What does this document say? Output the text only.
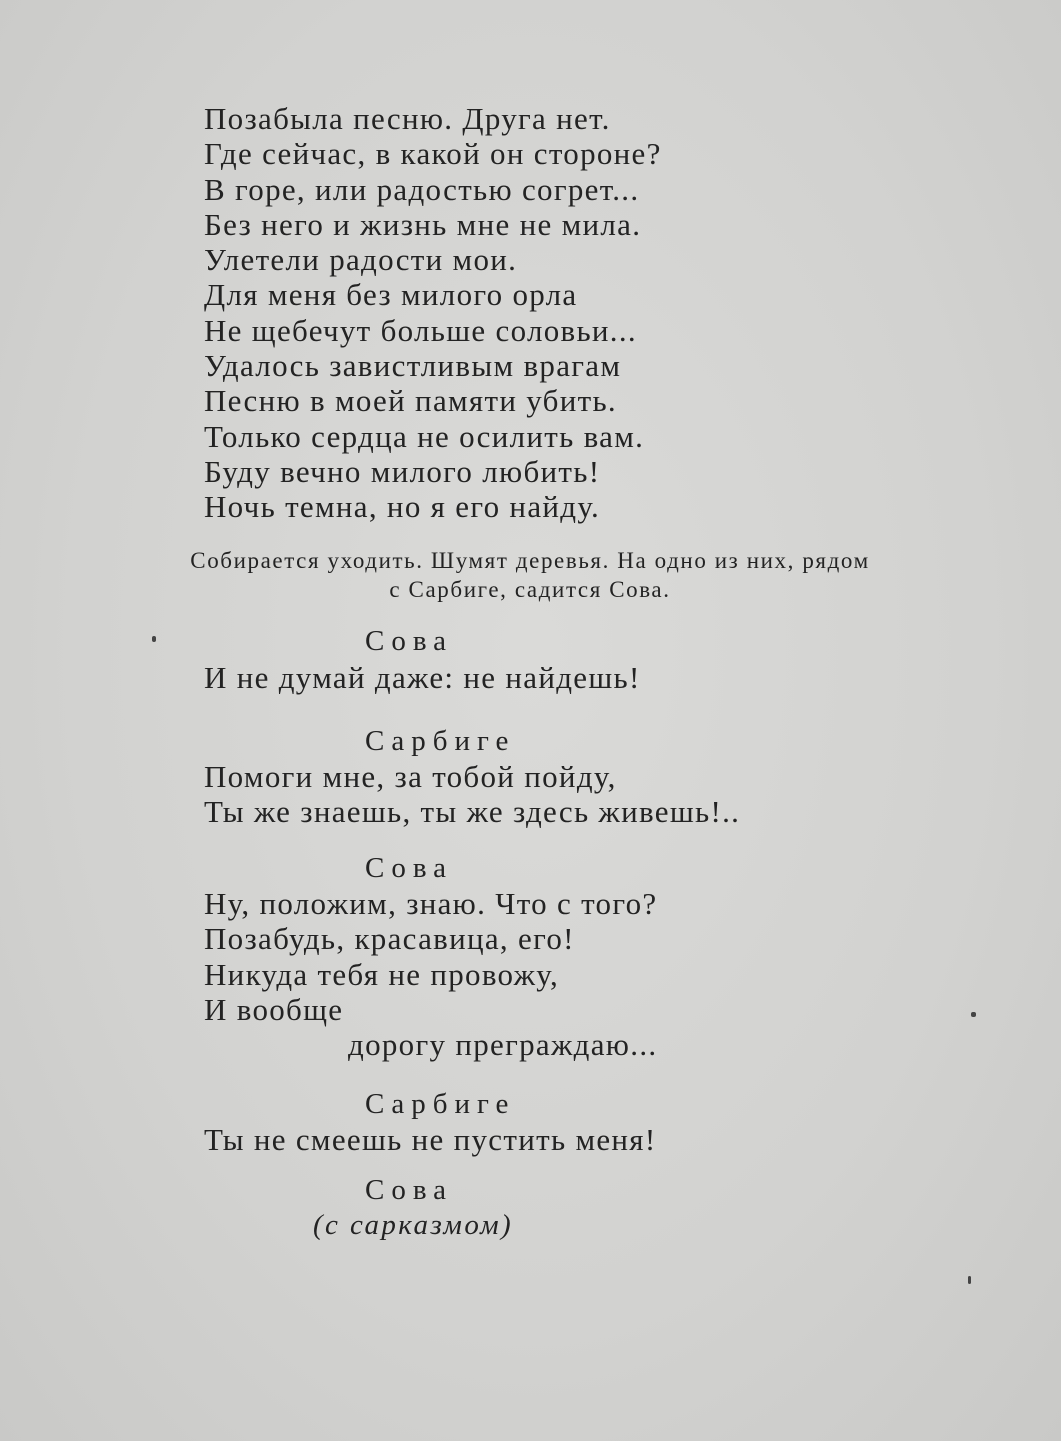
Позабыла песню. Друга нет.
Где сейчас, в какой он стороне?
В горе, или радостью согрет...
Без него и жизнь мне не мила.
Улетели радости мои.
Для меня без милого орла
Не щебечут больше соловьи...
Удалось завистливым врагам
Песню в моей памяти убить.
Только сердца не осилить вам.
Буду вечно милого любить!
Ночь темна, но я его найду.
Собирается уходить. Шумят деревья. На одно из них, рядом
с Сарбиге, садится Сова.
Сова
И не думай даже: не найдешь!
Сарбиге
Помоги мне, за тобой пойду,
Ты же знаешь, ты же здесь живешь!..
Сова
Ну, положим, знаю. Что с того?
Позабудь, красавица, его!
Никуда тебя не провожу,
И вообще
дорогу преграждаю...
Сарбиге
Ты не смеешь не пустить меня!
Сова
(с сарказмом)
